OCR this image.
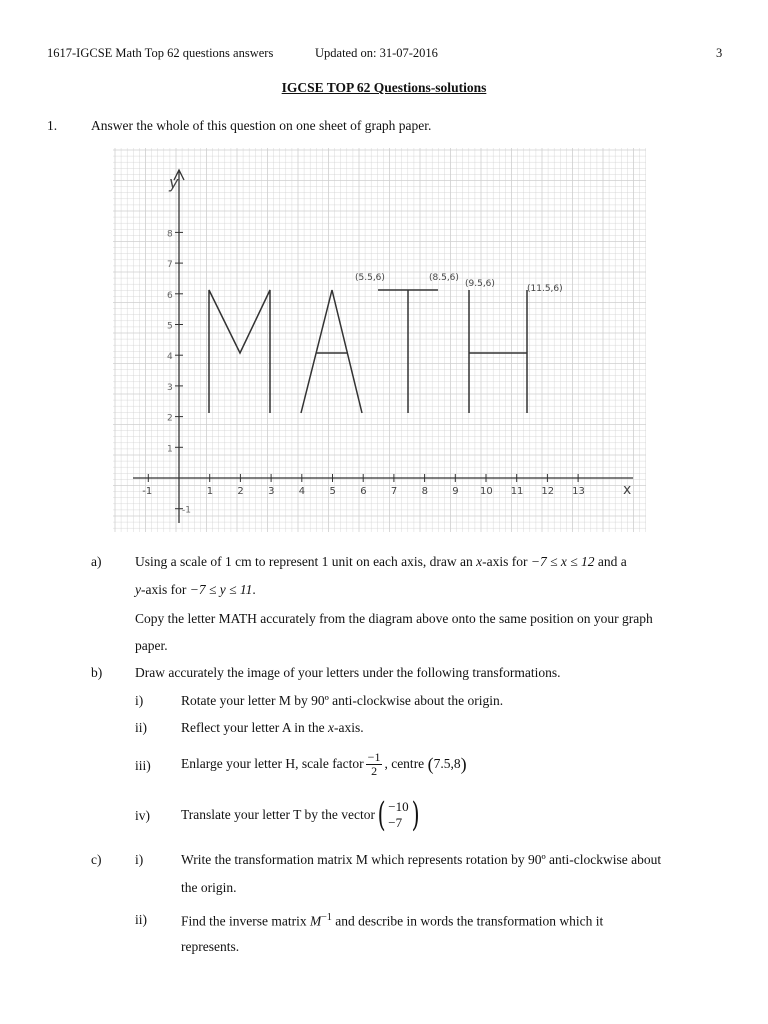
1617-IGCSE Math Top 62 questions answers	Updated on: 31-07-2016	3
IGCSE TOP 62 Questions-solutions
1.	Answer the whole of this question on one sheet of graph paper.
-1	1 2 3 4 5 6 7 8 9 10 11 12 13
-1
1
2
3
4
5
6
7
8
y
x
(5.5,6)	(8.5,6)
(9.5,6)	(11.5,6)
a) Using a scale of 1 cm to represent 1 unit on each axis, draw an x-axis for −7 ≤ x ≤ 12 and a
y-axis for −7 ≤ y ≤ 11.
Copy the letter MATH accurately from the diagram above onto the same position on your graph
paper.
b) Draw accurately the image of your letters under the following transformations.
i)	Rotate your letter M by 90º anti-clockwise about the origin.
ii)	Reflect your letter A in the x-axis.
iii) Enlarge your letter H, scale factor $\frac{-1}{2}$ , centre
( 7.5,8 )
iv) Translate your letter T by the vector ( −10
−7 )
c) i)	Write the transformation matrix M which represents rotation by 90º anti-clockwise about
the origin.
ii)	Find the inverse matrix $M^{-1}$ and describe in words the transformation which it
represents.
